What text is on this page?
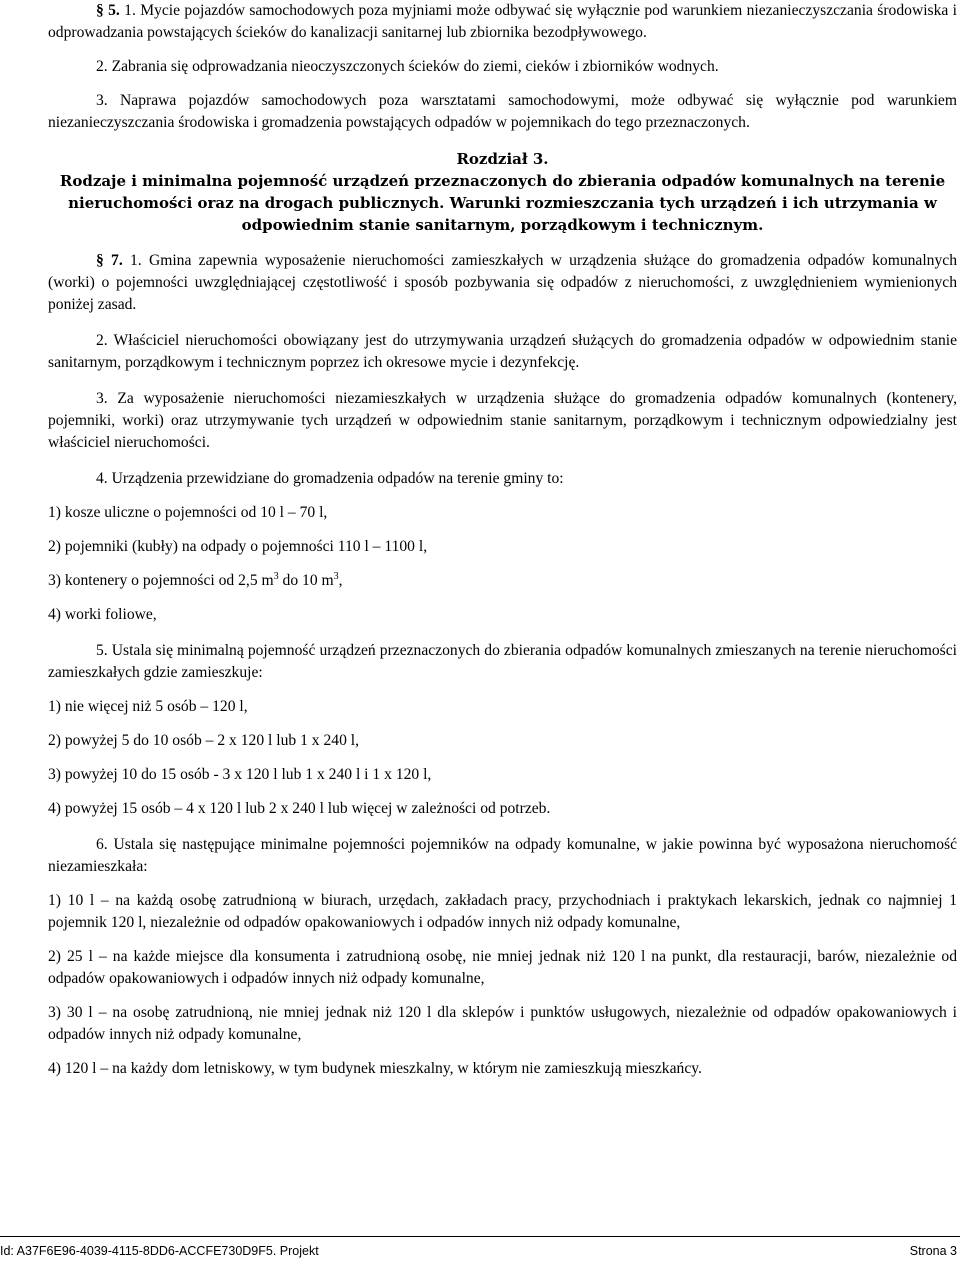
§ 5. 1. Mycie pojazdów samochodowych poza myjniami może odbywać się wyłącznie pod warunkiem niezanieczyszczania środowiska i odprowadzania powstających ścieków do kanalizacji sanitarnej lub zbiornika bezodpływowego.

2. Zabrania się odprowadzania nieoczyszczonych ścieków do ziemi, cieków i zbiorników wodnych.

3. Naprawa pojazdów samochodowych poza warsztatami samochodowymi, może odbywać się wyłącznie pod warunkiem niezanieczyszczania środowiska i gromadzenia powstających odpadów w pojemnikach do tego przeznaczonych.

Rozdział 3.

Rodzaje i minimalna pojemność urządzeń przeznaczonych do zbierania odpadów komunalnych na terenie nieruchomości oraz na drogach publicznych. Warunki rozmieszczania tych urządzeń i ich utrzymania w odpowiednim stanie sanitarnym, porządkowym i technicznym.

§ 7. 1. Gmina zapewnia wyposażenie nieruchomości zamieszkałych w urządzenia służące do gromadzenia odpadów komunalnych (worki) o pojemności uwzględniającej częstotliwość i sposób pozbywania się odpadów z nieruchomości, z uwzględnieniem wymienionych poniżej zasad.

2. Właściciel nieruchomości obowiązany jest do utrzymywania urządzeń służących do gromadzenia odpadów w odpowiednim stanie sanitarnym, porządkowym i technicznym poprzez ich okresowe mycie i dezynfekcję.

3. Za wyposażenie nieruchomości niezamieszkałych w urządzenia służące do gromadzenia odpadów komunalnych (kontenery, pojemniki, worki) oraz utrzymywanie tych urządzeń w odpowiednim stanie sanitarnym, porządkowym i technicznym odpowiedzialny jest właściciel nieruchomości.

4. Urządzenia przewidziane do gromadzenia odpadów na terenie gminy to:

1) kosze uliczne o pojemności od 10 l – 70 l,

2) pojemniki (kubły) na odpady o pojemności 110 l – 1100 l,

3) kontenery o pojemności od 2,5 $m^3$ do 10 $m^3$,

4) worki foliowe,

5. Ustala się minimalną pojemność urządzeń przeznaczonych do zbierania odpadów komunalnych zmieszanych na terenie nieruchomości zamieszkałych gdzie zamieszkuje:

1) nie więcej niż 5 osób – 120 l,

2) powyżej 5 do 10 osób – 2 x 120 l lub 1 x 240 l,

3) powyżej 10 do 15 osób - 3 x 120 l lub 1 x 240 l i 1 x 120 l,

4) powyżej 15 osób – 4 x 120 l lub 2 x 240 l lub więcej w zależności od potrzeb.

6. Ustala się następujące minimalne pojemności pojemników na odpady komunalne, w jakie powinna być wyposażona nieruchomość niezamieszkała:

1) 10 l – na każdą osobę zatrudnioną w biurach, urzędach, zakładach pracy, przychodniach i praktykach lekarskich, jednak co najmniej 1 pojemnik 120 l, niezależnie od odpadów opakowaniowych i odpadów innych niż odpady komunalne,

2) 25 l – na każde miejsce dla konsumenta i zatrudnioną osobę, nie mniej jednak niż 120 l na punkt, dla restauracji, barów, niezależnie od odpadów opakowaniowych i odpadów innych niż odpady komunalne,

3) 30 l – na osobę zatrudnioną, nie mniej jednak niż 120 l dla sklepów i punktów usługowych, niezależnie od odpadów opakowaniowych i odpadów innych niż odpady komunalne,

4) 120 l – na każdy dom letniskowy, w tym budynek mieszkalny, w którym nie zamieszkują mieszkańcy.

Id: A37F6E96-4039-4115-8DD6-ACCFE730D9F5. Projekt	Strona 3
